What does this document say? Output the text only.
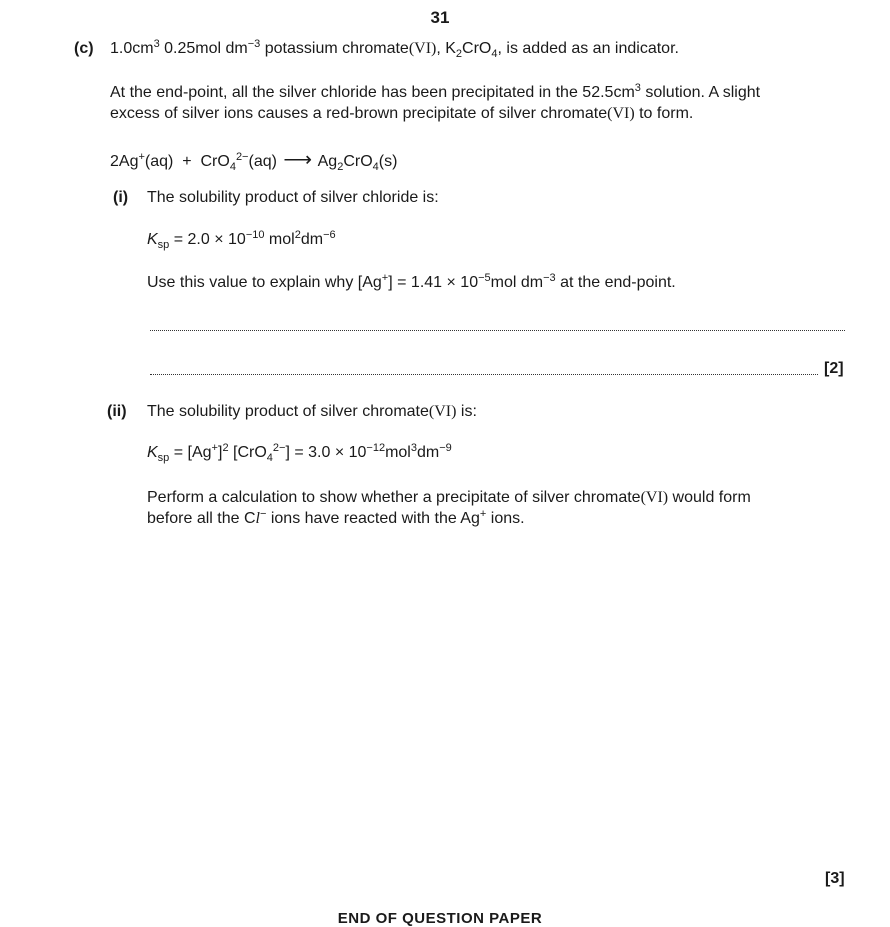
31
(c) $1.0cm^3$ 0.25mol $dm^{-3}$ potassium chromate(VI), $K_2CrO_4$, is added as an indicator.
At the end-point, all the silver chloride has been precipitated in the $52.5cm^3$ solution. A slight
excess of silver ions causes a red-brown precipitate of silver chromate(VI) to form.
2Ag+(aq)  +  CrO$_4^{2-}$(aq) ⟶ $Ag_2CrO_4(s)$
(i) The solubility product of silver chloride is:
$K_{sp} = 2.0 \times 10^{-10}$ $mol^2dm^{-6}$
Use this value to explain why $[Ag^+] = 1.41 \times 10^{-5}mol$ $dm^{-3}$ at the end-point.
[2]
(ii) The solubility product of silver chromate(VI) is:
$K_{sp} = [Ag^+]^2$ $[CrO_4^{2-}] = 3.0 \times 10^{-12}mol^3dm^{-9}$
Perform a calculation to show whether a precipitate of silver chromate(VI) would form
before all the Cl− ions have reacted with the Ag+ ions.
[3]
END OF QUESTION PAPER
